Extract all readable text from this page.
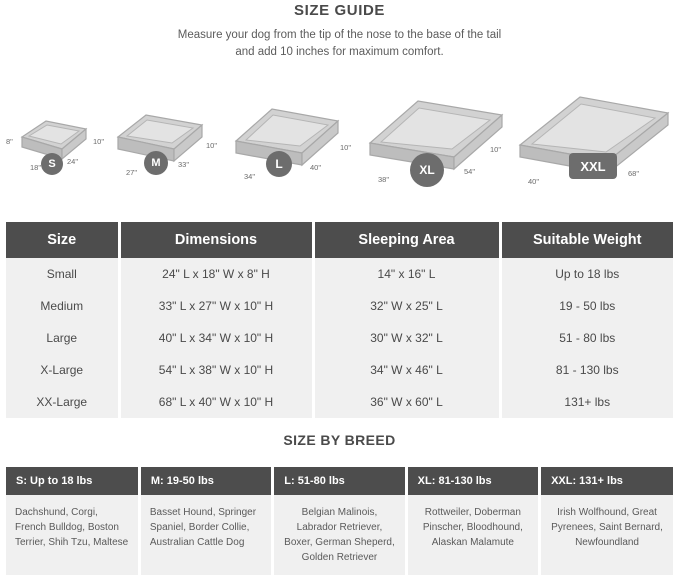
SIZE GUIDE
Measure your dog from the tip of the nose to the base of the tail
and add 10 inches for maximum comfort.
S
8"
18"
24"	M
10"
27"
33"	L
10"
34"
40"	XL
10"
38"
54"	XXL
10"
40"
68"
Size	Dimensions	Sleeping Area	Suitable Weight
Small	24" L x 18" W x 8" H	14" x 16" L	Up to 18 lbs
Medium	33" L x 27" W x 10" H	32" W x 25" L	19 - 50 lbs
Large	40" L x 34" W x 10" H	30" W x 32" L	51 - 80 lbs
X-Large	54" L x 38" W x 10" H	34" W x 46" L	81 - 130 lbs
XX-Large	68" L x 40" W x 10" H	36" W x 60" L	131+ lbs
SIZE BY BREED
S: Up to 18 lbs	M: 19-50 lbs	L: 51-80 lbs	XL: 81-130 lbs	XXL: 131+ lbs
Dachshund, Corgi, French Bulldog, Boston Terrier, Shih Tzu, Maltese	Basset Hound, Springer Spaniel, Border Collie, Australian Cattle Dog	Belgian Malinois, Labrador Retriever, Boxer, German Sheperd, Golden Retriever	Rottweiler, Doberman Pinscher, Bloodhound, Alaskan Malamute	Irish Wolfhound, Great Pyrenees, Saint Bernard, Newfoundland
